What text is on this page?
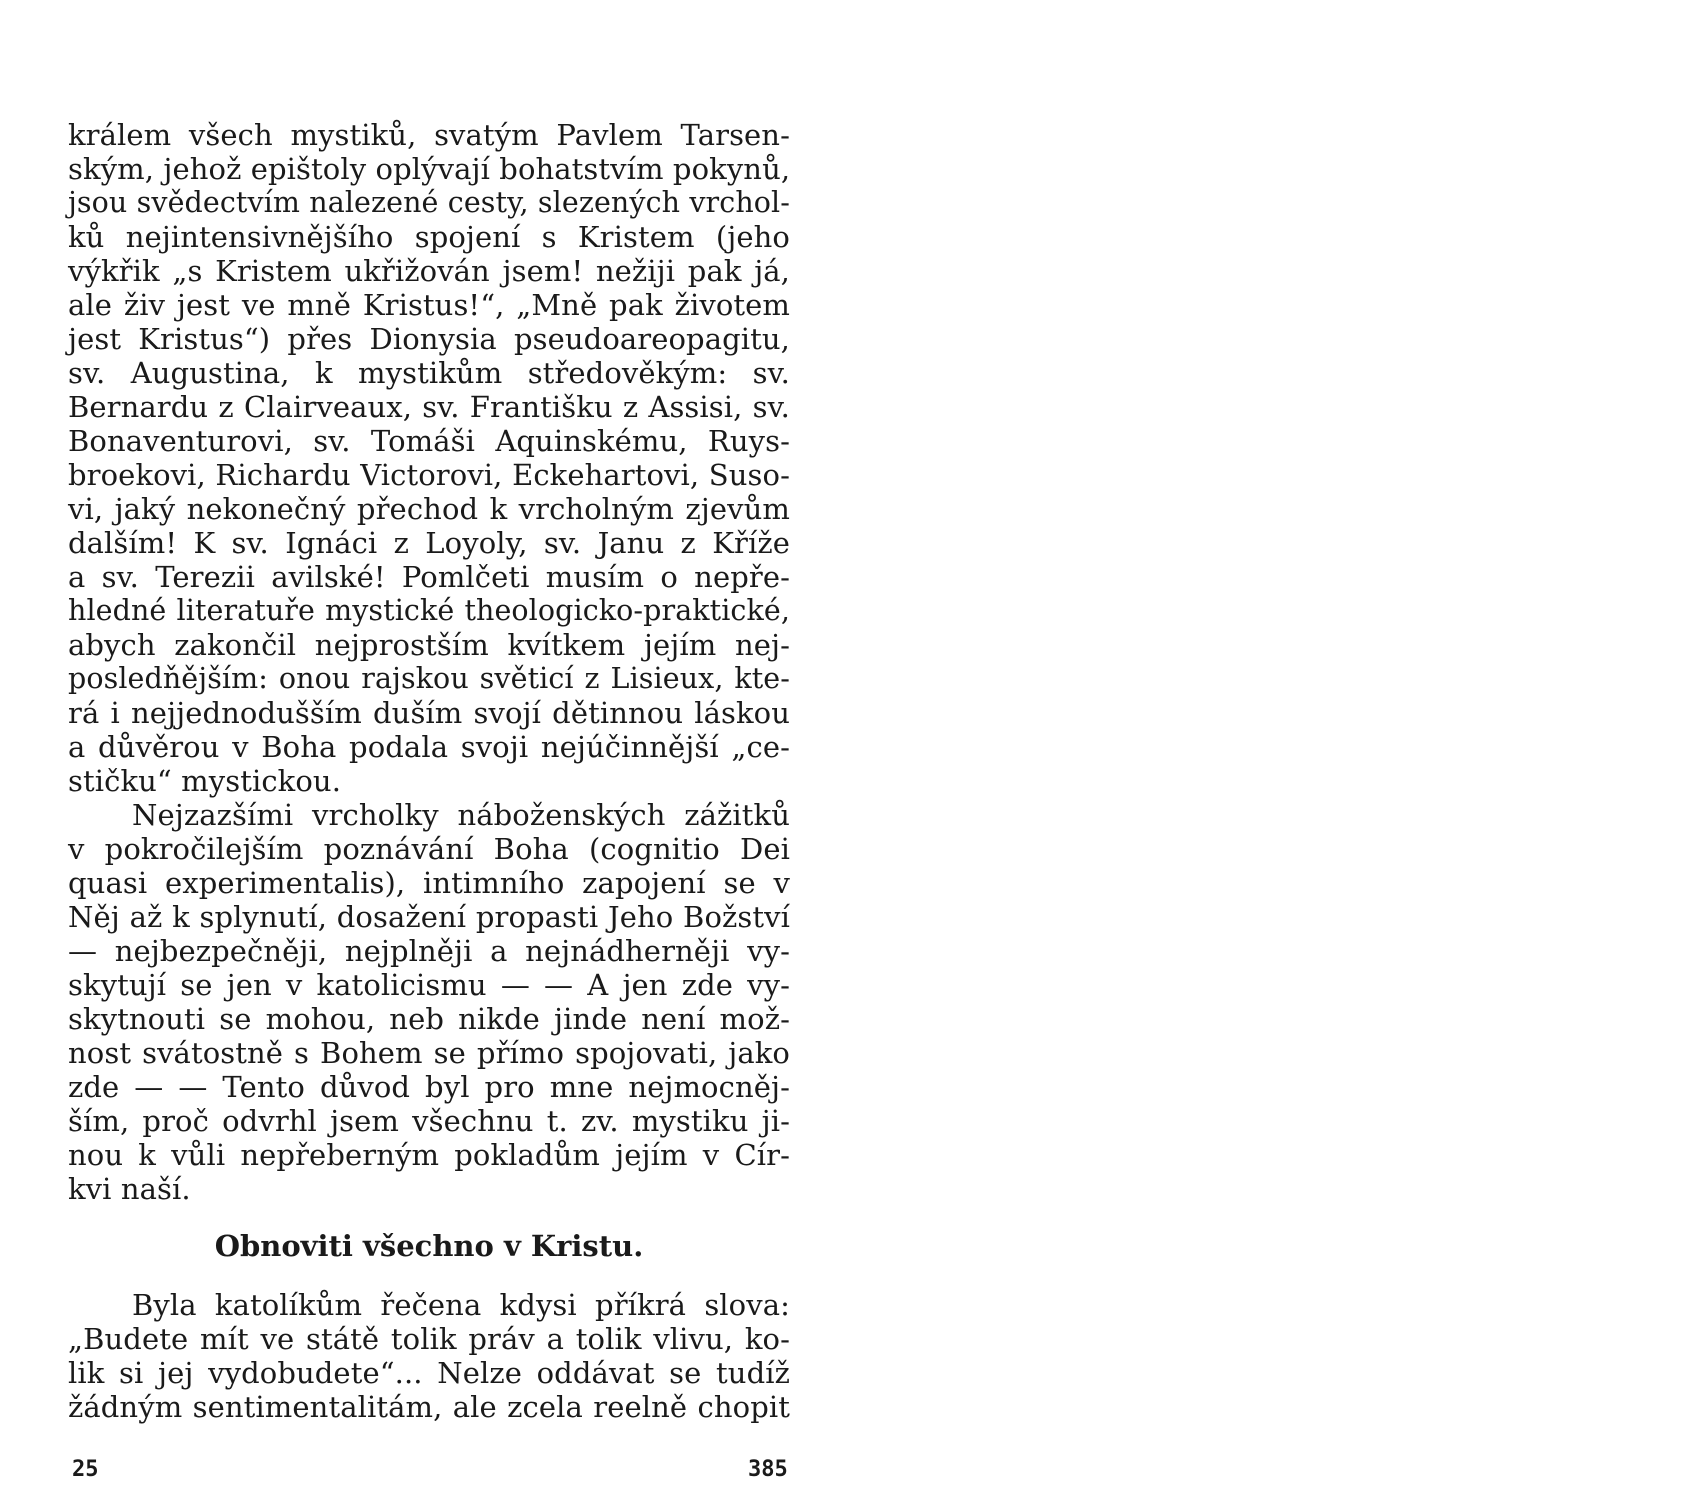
králem všech mystiků, svatým Pavlem Tarsen-
ským, jehož epištoly oplývají bohatstvím pokynů,
jsou svědectvím nalezené cesty, slezených vrchol-
ků nejintensivnějšího spojení s Kristem (jeho
výkřik „s Kristem ukřižován jsem! nežiji pak já,
ale živ jest ve mně Kristus!“, „Mně pak životem
jest Kristus“) přes Dionysia pseudoareopagitu,
sv. Augustina, k mystikům středověkým: sv.
Bernardu z Clairveaux, sv. Františku z Assisi, sv.
Bonaventurovi, sv. Tomáši Aquinskému, Ruys-
broekovi, Richardu Victorovi, Eckehartovi, Suso-
vi, jaký nekonečný přechod k vrcholným zjevům
dalším! K sv. Ignáci z Loyoly, sv. Janu z Kříže
a sv. Terezii avilské! Pomlčeti musím o nepře-
hledné literatuře mystické theologicko-praktické,
abych zakončil nejprostším kvítkem jejím nej-
posledňějším: onou rajskou světicí z Lisieux, kte-
rá i nejjednodušším duším svojí dětinnou láskou
a důvěrou v Boha podala svoji nejúčinnější „ce-
stičku“ mystickou.
Nejzazšími vrcholky náboženských zážitků
v pokročilejším poznávání Boha (cognitio Dei
quasi experimentalis), intimního zapojení se v
Něj až k splynutí, dosažení propasti Jeho Božství
— nejbezpečněji, nejplněji a nejnádherněji vy-
skytují se jen v katolicismu — — A jen zde vy-
skytnouti se mohou, neb nikde jinde není mož-
nost svátostně s Bohem se přímo spojovati, jako
zde — — Tento důvod byl pro mne nejmocněj-
ším, proč odvrhl jsem všechnu t. zv. mystiku ji-
nou k vůli nepřeberným pokladům jejím v Cír-
kvi naší.
Obnoviti všechno v Kristu.
Byla katolíkům řečena kdysi příkrá slova:
„Budete mít ve státě tolik práv a tolik vlivu, ko-
lik si jej vydobudete“... Nelze oddávat se tudíž
žádným sentimentalitám, ale zcela reelně chopit
25	385
